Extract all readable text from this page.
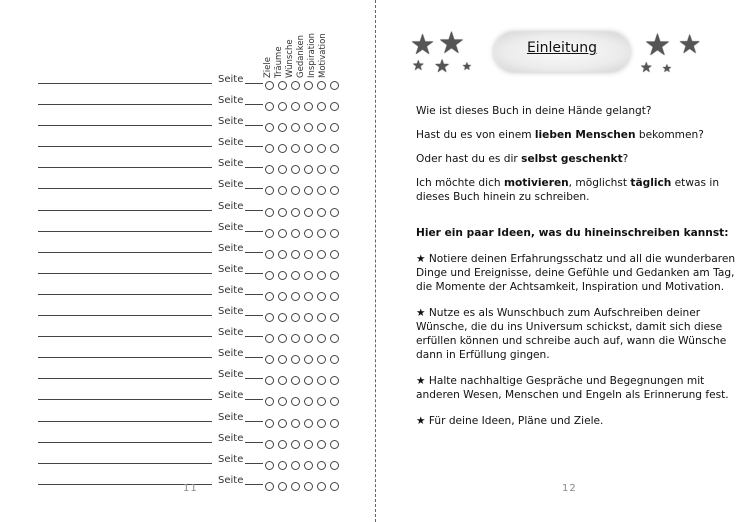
Ziele Träume Wünsche Gedanken Inspiration Motivation
Seite
Seite
Seite
Seite
Seite
Seite
Seite
Seite
Seite
Seite
Seite
Seite
Seite
Seite
Seite
Seite
Seite
Seite
Seite
Seite
11
★ ★
★ ★ ★
Einleitung	★ ★
★ ★

Wie ist dieses Buch in deine Hände gelangt?

Hast du es von einem lieben Menschen bekommen?

Oder hast du es dir selbst geschenkt?

Ich möchte dich motivieren, möglichst täglich etwas in dieses Buch hinein zu schreiben.

Hier ein paar Ideen, was du hineinschreiben kannst:

★ Notiere deinen Erfahrungsschatz und all die wunderbaren Dinge und Ereignisse, deine Gefühle und Gedanken am Tag, die Momente der Achtsamkeit, Inspiration und Motivation.

★ Nutze es als Wunschbuch zum Aufschreiben deiner Wünsche, die du ins Universum schickst, damit sich diese erfüllen können und schreibe auch auf, wann die Wünsche dann in Erfüllung gingen.

★ Halte nachhaltige Gespräche und Begegnungen mit anderen Wesen, Menschen und Engeln als Erinnerung fest.

★ Für deine Ideen, Pläne und Ziele.

12
